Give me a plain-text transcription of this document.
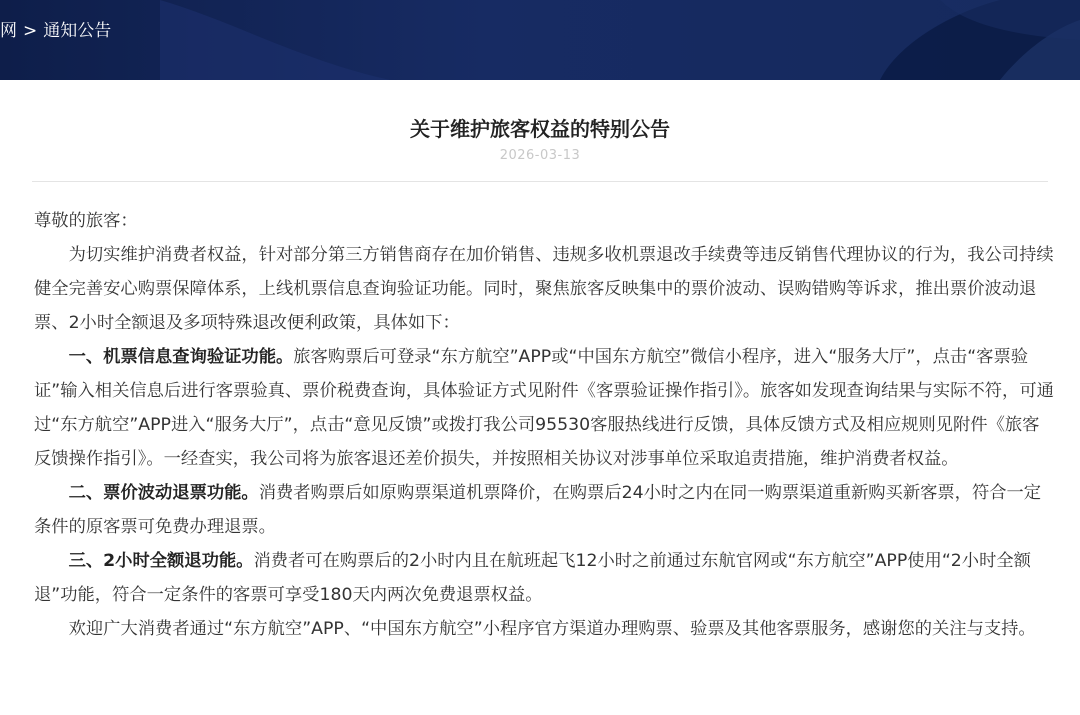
网 > 通知公告
关于维护旅客权益的特别公告
2026-03-13

尊敬的旅客：

为切实维护消费者权益，针对部分第三方销售商存在加价销售、违规多收机票退改手续费等违反销售代理协议的行为，我公司持续健全完善安心购票保障体系，上线机票信息查询验证功能。同时，聚焦旅客反映集中的票价波动、误购错购等诉求，推出票价波动退票、2小时全额退及多项特殊退改便利政策，具体如下：

一、机票信息查询验证功能。旅客购票后可登录“东方航空”APP或“中国东方航空”微信小程序，进入“服务大厅”，点击“客票验证”输入相关信息后进行客票验真、票价税费查询，具体验证方式见附件《客票验证操作指引》。旅客如发现查询结果与实际不符，可通过“东方航空”APP进入“服务大厅”，点击“意见反馈”或拨打我公司95530客服热线进行反馈，具体反馈方式及相应规则见附件《旅客反馈操作指引》。一经查实，我公司将为旅客退还差价损失，并按照相关协议对涉事单位采取追责措施，维护消费者权益。

二、票价波动退票功能。消费者购票后如原购票渠道机票降价，在购票后24小时之内在同一购票渠道重新购买新客票，符合一定条件的原客票可免费办理退票。

三、2小时全额退功能。消费者可在购票后的2小时内且在航班起飞12小时之前通过东航官网或“东方航空”APP使用“2小时全额退”功能，符合一定条件的客票可享受180天内两次免费退票权益。

欢迎广大消费者通过“东方航空”APP、“中国东方航空”小程序官方渠道办理购票、验票及其他客票服务，感谢您的关注与支持。
